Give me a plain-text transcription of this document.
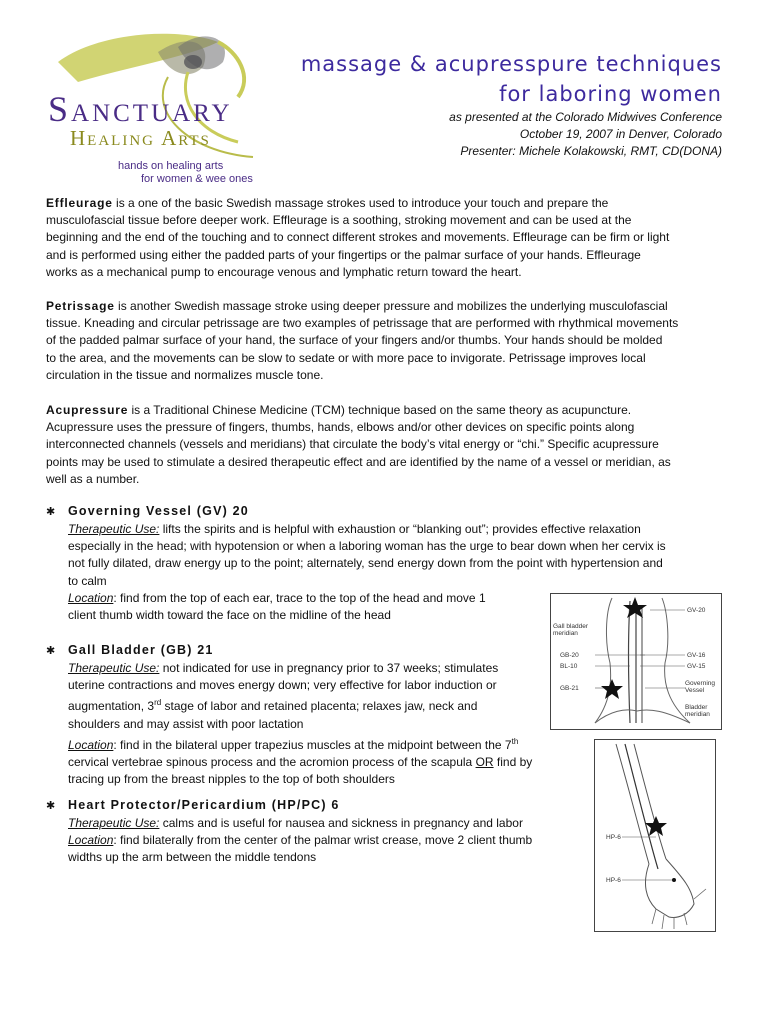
Sanctuary
Healing Arts
hands on healing arts
for women & wee ones
massage & acupresspure techniques
for laboring women
as presented at the Colorado Midwives Conference
October 19, 2007 in Denver, Colorado
Presenter: Michele Kolakowski, RMT, CD(DONA)
Effleurage is a one of the basic Swedish massage strokes used to introduce your touch and prepare the
musculofascial tissue before deeper work. Effleurage is a soothing, stroking movement and can be used at the
beginning and the end of the touching and to connect different strokes and movements. Effleurage can be firm or light
and is performed using either the padded parts of your fingertips or the palmar surface of your hands. Effleurage
works as a mechanical pump to encourage venous and lymphatic return toward the heart.
Petrissage is another Swedish massage stroke using deeper pressure and mobilizes the underlying musculofascial
tissue. Kneading and circular petrissage are two examples of petrissage that are performed with rhythmical movements
of the padded palmar surface of your hand, the surface of your fingers and/or thumbs. Your hands should be molded
to the area, and the movements can be slow to sedate or with more pace to invigorate. Petrissage improves local
circulation in the tissue and normalizes muscle tone.
Acupressure is a Traditional Chinese Medicine (TCM) technique based on the same theory as acupuncture.
Acupressure uses the pressure of fingers, thumbs, hands, elbows and/or other devices on specific points along
interconnected channels (vessels and meridians) that circulate the body’s vital energy or “chi.” Specific acupressure
points may be used to stimulate a desired therapeutic effect and are identified by the name of a vessel or meridian, as
well as a number.
✱ Governing Vessel (GV) 20
Therapeutic Use: lifts the spirits and is helpful with exhaustion or “blanking out”; provides effective relaxation
especially in the head; with hypotension or when a laboring woman has the urge to bear down when her cervix is
not fully dilated, draw energy up to the point; alternately, send energy down from the point with hypertension and
to calm
Location: find from the top of each ear, trace to the top of the head and move 1
client thumb width toward the face on the midline of the head
✱ Gall Bladder (GB) 21
Therapeutic Use: not indicated for use in pregnancy prior to 37 weeks; stimulates
uterine contractions and moves energy down; very effective for labor induction or
augmentation, 3rd stage of labor and retained placenta; relaxes jaw, neck and
shoulders and may assist with poor lactation
Location: find in the bilateral upper trapezius muscles at the midpoint between the 7th
cervical vertebrae spinous process and the acromion process of the scapula OR find by
tracing up from the breast nipples to the top of both shoulders
✱ Heart Protector/Pericardium (HP/PC) 6
Therapeutic Use: calms and is useful for nausea and sickness in pregnancy and labor
Location: find bilaterally from the center of the palmar wrist crease, move 2 client thumb
widths up the arm between the middle tendons
GV-20
Gall bladder meridian
GB-20
BL-10
GV-16
GV-15
GB-21
Governing Vessel
Bladder meridian
HP-6
HP-6
